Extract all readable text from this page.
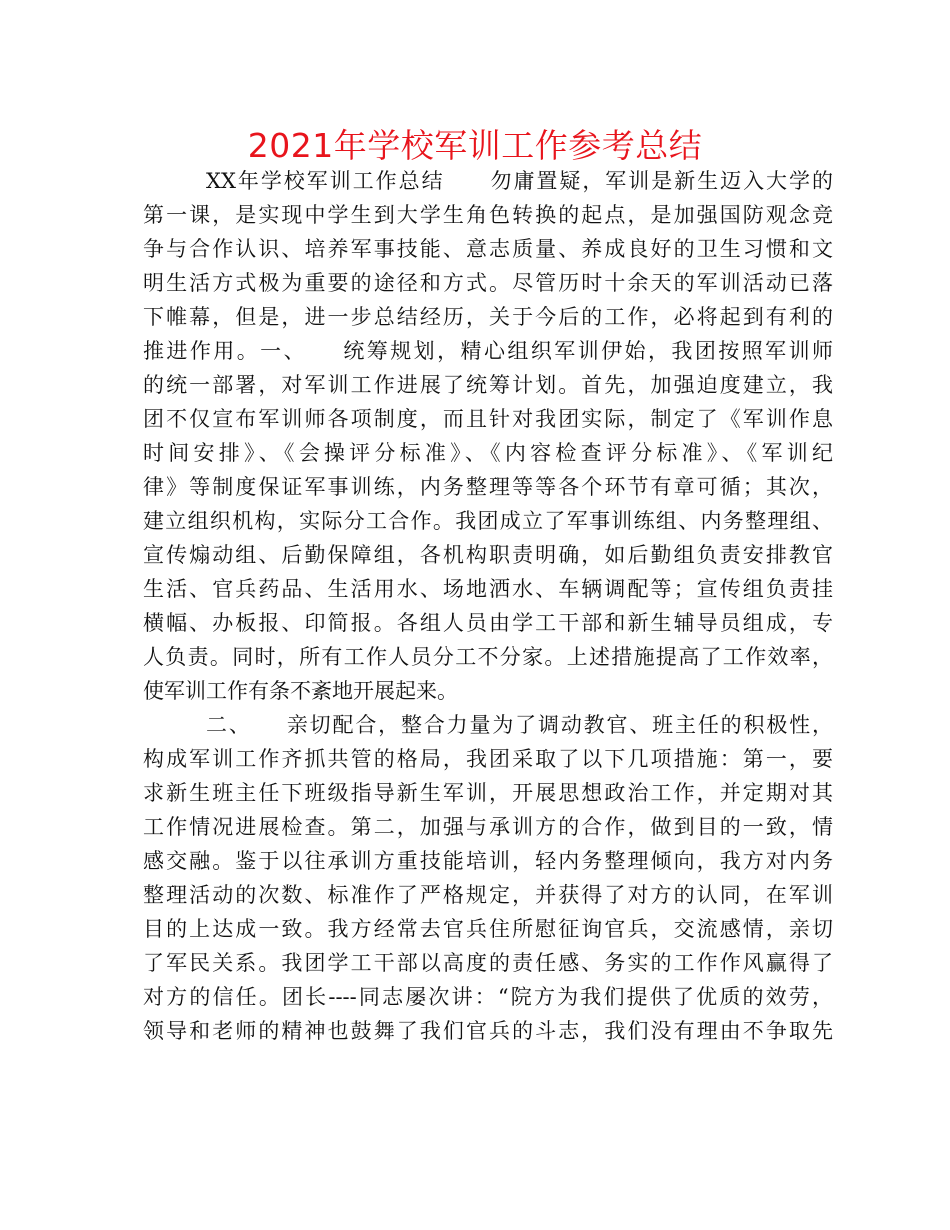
2021年学校军训工作参考总结
XX年学校军训工作总结　　勿庸置疑，军训是新生迈入大学的
第一课，是实现中学生到大学生角色转换的起点，是加强国防观念竞
争与合作认识、培养军事技能、意志质量、养成良好的卫生习惯和文
明生活方式极为重要的途径和方式。尽管历时十余天的军训活动已落
下帷幕，但是，进一步总结经历，关于今后的工作，必将起到有利的
推进作用。一、　　统筹规划，精心组织军训伊始，我团按照军训师
的统一部署，对军训工作进展了统筹计划。首先，加强迫度建立，我
团不仅宣布军训师各项制度，而且针对我团实际，制定了《军训作息
时间安排》、《会操评分标准》、《内容检查评分标准》、《军训纪
律》等制度保证军事训练，内务整理等等各个环节有章可循；其次，
建立组织机构，实际分工合作。我团成立了军事训练组、内务整理组、
宣传煽动组、后勤保障组，各机构职责明确，如后勤组负责安排教官
生活、官兵药品、生活用水、场地洒水、车辆调配等；宣传组负责挂
横幅、办板报、印简报。各组人员由学工干部和新生辅导员组成，专
人负责。同时，所有工作人员分工不分家。上述措施提高了工作效率，
使军训工作有条不紊地开展起来。
二、　　亲切配合，整合力量为了调动教官、班主任的积极性，
构成军训工作齐抓共管的格局，我团采取了以下几项措施：第一，要
求新生班主任下班级指导新生军训，开展思想政治工作，并定期对其
工作情况进展检查。第二，加强与承训方的合作，做到目的一致，情
感交融。鉴于以往承训方重技能培训，轻内务整理倾向，我方对内务
整理活动的次数、标准作了严格规定，并获得了对方的认同，在军训
目的上达成一致。我方经常去官兵住所慰征询官兵，交流感情，亲切
了军民关系。我团学工干部以高度的责任感、务实的工作作风赢得了
对方的信任。团长----同志屡次讲：“院方为我们提供了优质的效劳，
领导和老师的精神也鼓舞了我们官兵的斗志，我们没有理由不争取先
